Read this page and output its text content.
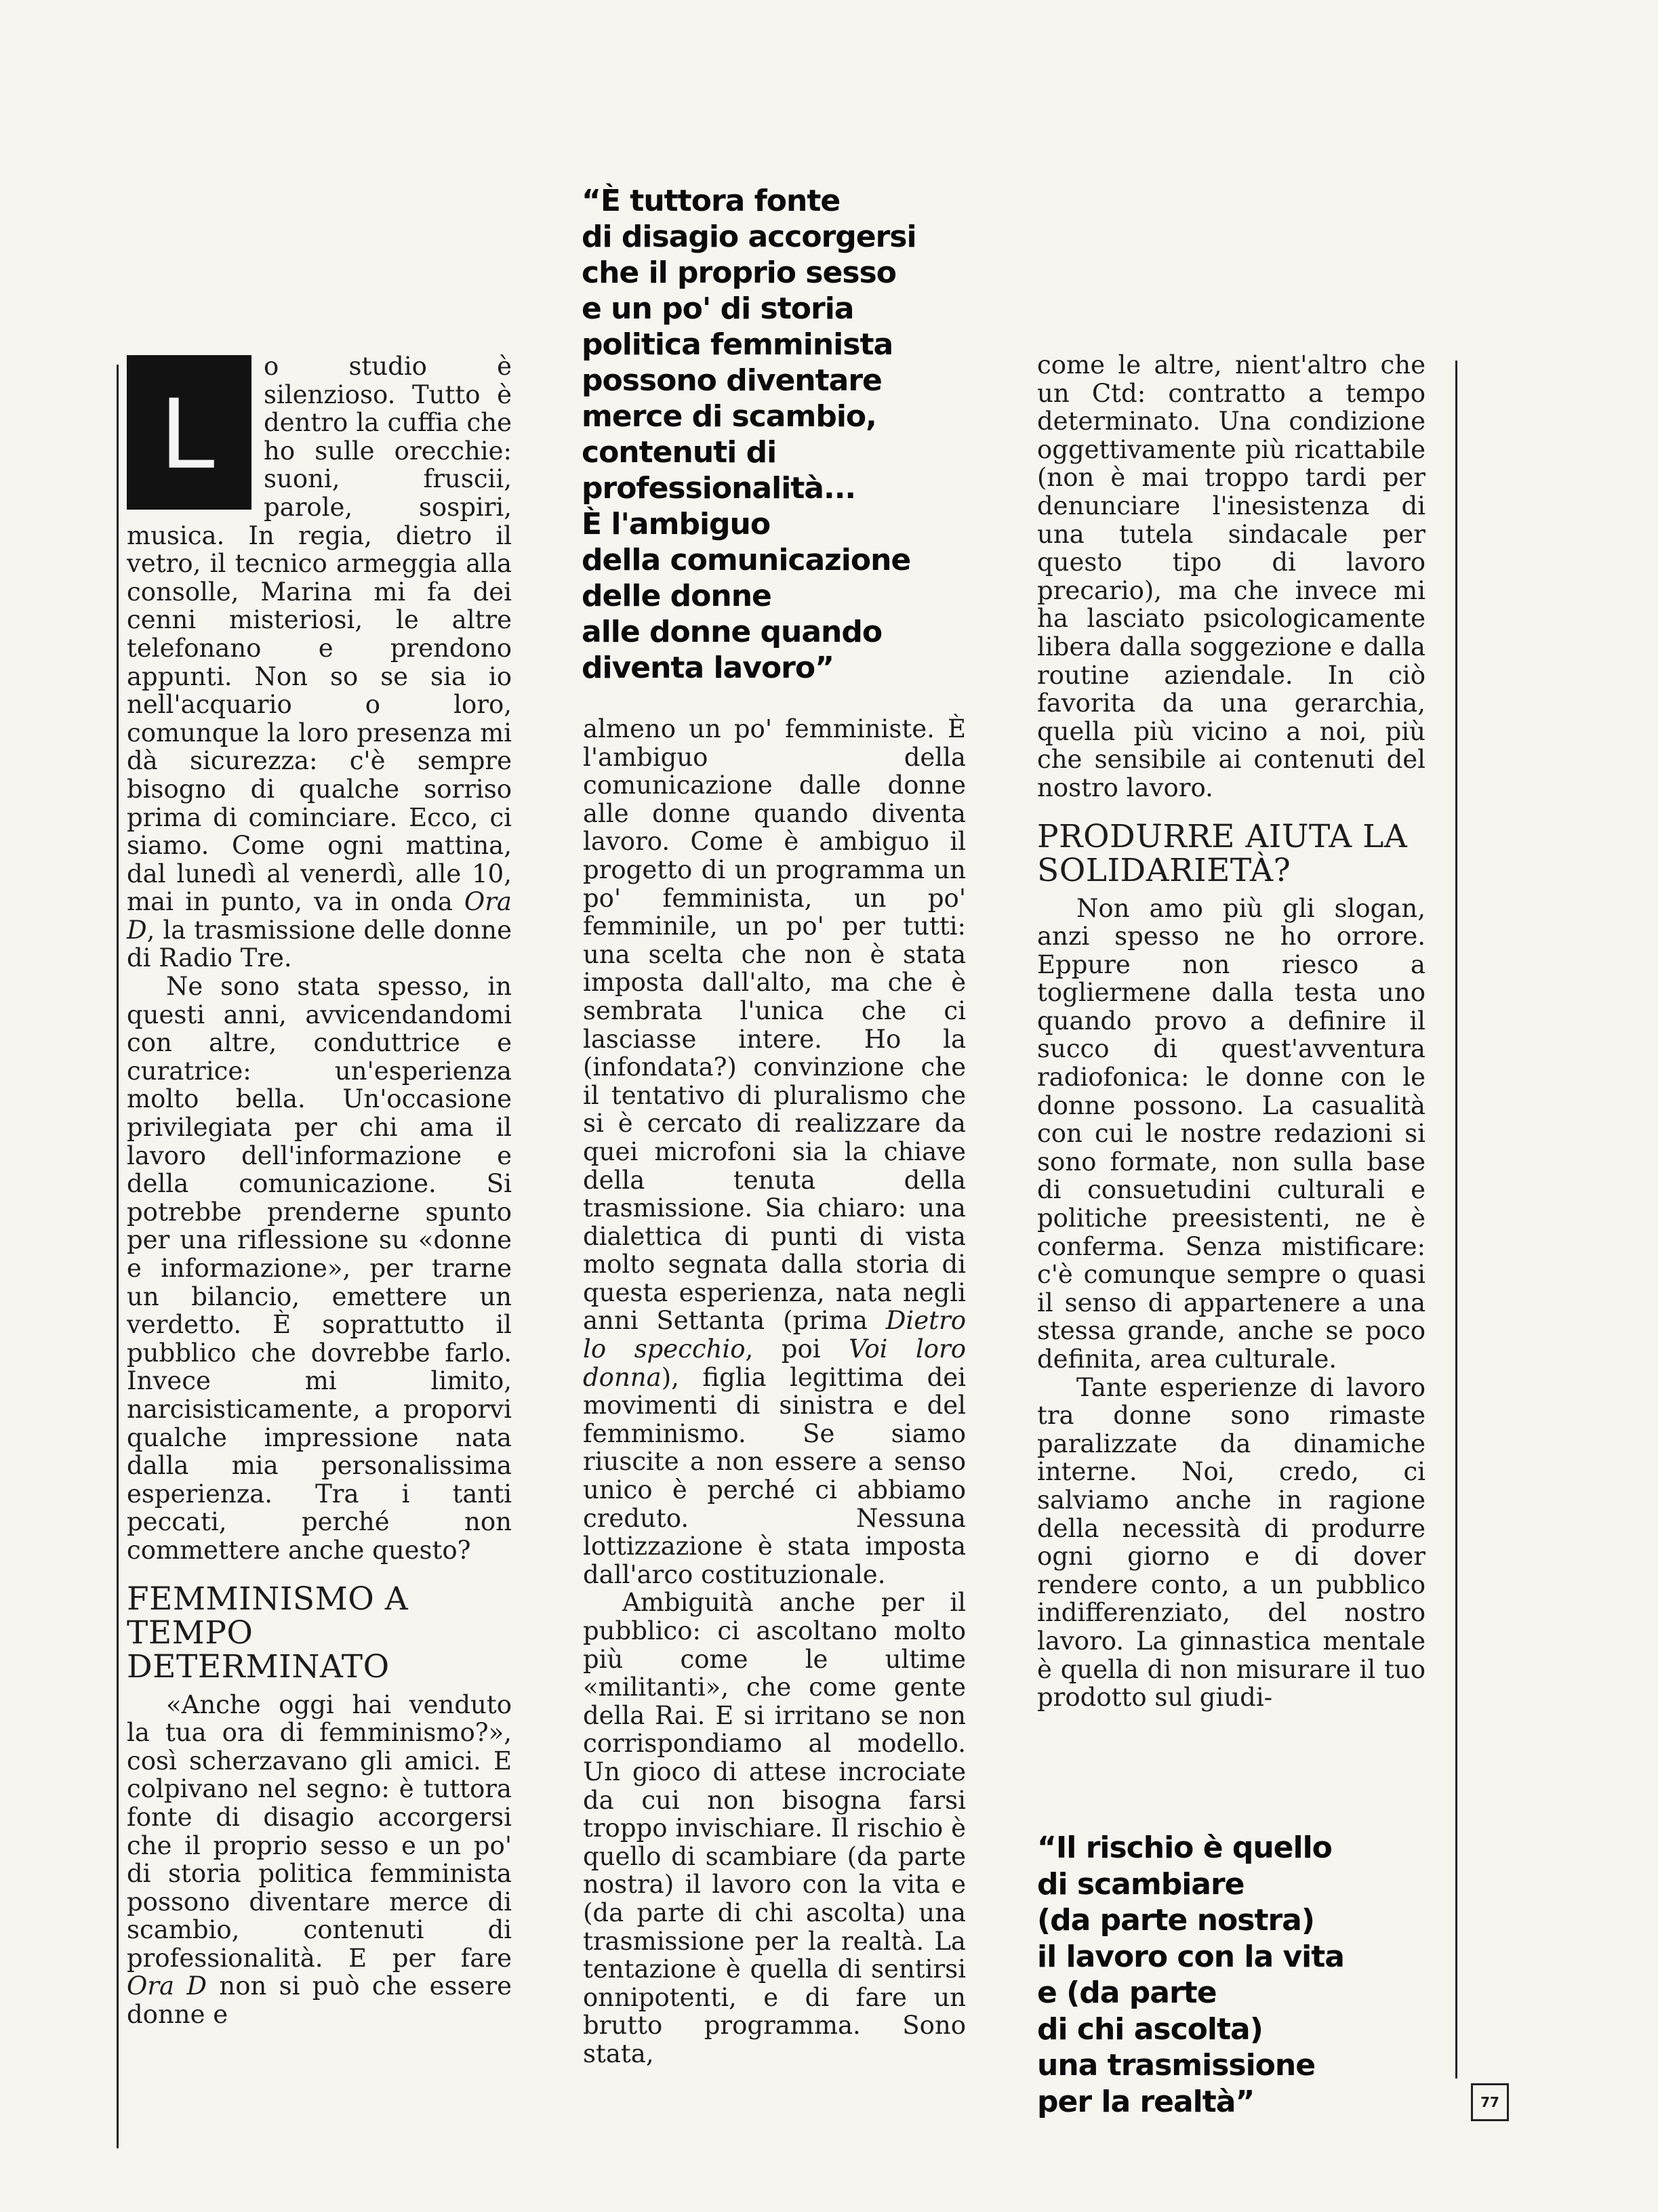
L

o studio è silenzioso. Tutto è dentro la cuffia che ho sulle orecchie: suoni, fruscii, parole, sospiri, musica. In regia, dietro il vetro, il tecnico armeggia alla consolle, Marina mi fa dei cenni misteriosi, le altre telefonano e prendono appunti. Non so se sia io nell'acquario o loro, comunque la loro presenza mi dà sicurezza: c'è sempre bisogno di qualche sorriso prima di cominciare. Ecco, ci siamo. Come ogni mattina, dal lunedì al venerdì, alle 10, mai in punto, va in onda Ora D, la trasmissione delle donne di Radio Tre.

Ne sono stata spesso, in questi anni, avvicendandomi con altre, conduttrice e curatrice: un'esperienza molto bella. Un'occasione privilegiata per chi ama il lavoro dell'informazione e della comunicazione. Si potrebbe prenderne spunto per una riflessione su «donne e informazione», per trarne un bilancio, emettere un verdetto. È soprattutto il pubblico che dovrebbe farlo. Invece mi limito, narcisisticamente, a proporvi qualche impressione nata dalla mia personalissima esperienza. Tra i tanti peccati, perché non commettere anche questo?

FEMMINISMO A TEMPO DETERMINATO

«Anche oggi hai venduto la tua ora di femminismo?», così scherzavano gli amici. E colpivano nel segno: è tuttora fonte di disagio accorgersi che il proprio sesso e un po' di storia politica femminista possono diventare merce di scambio, contenuti di professionalità. E per fare Ora D non si può che essere donne e

“È tuttora fonte
di disagio accorgersi
che il proprio sesso
e un po' di storia
politica femminista
possono diventare
merce di scambio,
contenuti di
professionalità...
È l'ambiguo
della comunicazione
delle donne
alle donne quando
diventa lavoro”

almeno un po' femministe. È l'ambiguo della comunicazione dalle donne alle donne quando diventa lavoro. Come è ambiguo il progetto di un programma un po' femminista, un po' femminile, un po' per tutti: una scelta che non è stata imposta dall'alto, ma che è sembrata l'unica che ci lasciasse intere. Ho la (infondata?) convinzione che il tentativo di pluralismo che si è cercato di realizzare da quei microfoni sia la chiave della tenuta della trasmissione. Sia chiaro: una dialettica di punti di vista molto segnata dalla storia di questa esperienza, nata negli anni Settanta (prima Dietro lo specchio, poi Voi loro donna), figlia legittima dei movimenti di sinistra e del femminismo. Se siamo riuscite a non essere a senso unico è perché ci abbiamo creduto. Nessuna lottizzazione è stata imposta dall'arco costituzionale.

Ambiguità anche per il pubblico: ci ascoltano molto più come le ultime «militanti», che come gente della Rai. E si irritano se non corrispondiamo al modello. Un gioco di attese incrociate da cui non bisogna farsi troppo invischiare. Il rischio è quello di scambiare (da parte nostra) il lavoro con la vita e (da parte di chi ascolta) una trasmissione per la realtà. La tentazione è quella di sentirsi onnipotenti, e di fare un brutto programma. Sono stata,

come le altre, nient'altro che un Ctd: contratto a tempo determinato. Una condizione oggettivamente più ricattabile (non è mai troppo tardi per denunciare l'inesistenza di una tutela sindacale per questo tipo di lavoro precario), ma che invece mi ha lasciato psicologicamente libera dalla soggezione e dalla routine aziendale. In ciò favorita da una gerarchia, quella più vicino a noi, più che sensibile ai contenuti del nostro lavoro.

PRODURRE AIUTA LA SOLIDARIETÀ?

Non amo più gli slogan, anzi spesso ne ho orrore. Eppure non riesco a togliermene dalla testa uno quando provo a definire il succo di quest'avventura radiofonica: le donne con le donne possono. La casualità con cui le nostre redazioni si sono formate, non sulla base di consuetudini culturali e politiche preesistenti, ne è conferma. Senza mistificare: c'è comunque sempre o quasi il senso di appartenere a una stessa grande, anche se poco definita, area culturale.

Tante esperienze di lavoro tra donne sono rimaste paralizzate da dinamiche interne. Noi, credo, ci salviamo anche in ragione della necessità di produrre ogni giorno e di dover rendere conto, a un pubblico indifferenziato, del nostro lavoro. La ginnastica mentale è quella di non misurare il tuo prodotto sul giudi-

“Il rischio è quello
di scambiare
(da parte nostra)
il lavoro con la vita
e (da parte
di chi ascolta)
una trasmissione
per la realtà”	77
